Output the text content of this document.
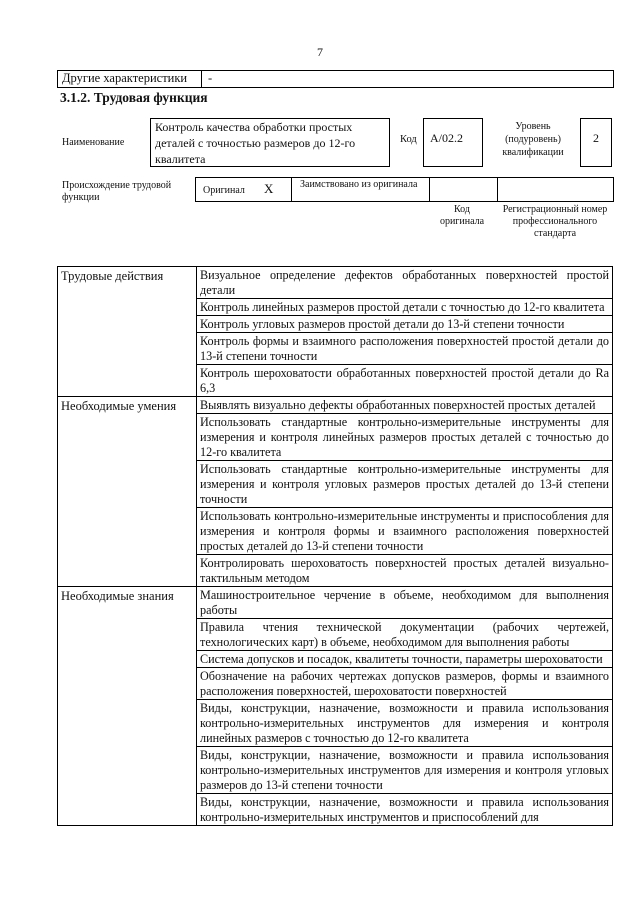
7
Другие характеристики -
3.1.2. Трудовая функция
Наименование
Контроль качества обработки простых деталей с точностью размеров до 12-го квалитета
Код	А/02.2
Уровень (подуровень) квалификации
2
Происхождение трудовой функции
Оригинал X	Заимствовано из оригинала
Код оригинала
Регистрационный номер профессионального стандарта
Трудовые действия	Визуальное определение дефектов обработанных поверхностей простой детали
	Контроль линейных размеров простой детали с точностью до 12-го квалитета
	Контроль угловых размеров простой детали до 13-й степени точности
	Контроль формы и взаимного расположения поверхностей простой детали до 13-й степени точности
	Контроль шероховатости обработанных поверхностей простой детали до Ra 6,3
Необходимые умения	Выявлять визуально дефекты обработанных поверхностей простых деталей
	Использовать стандартные контрольно-измерительные инструменты для измерения и контроля линейных размеров простых деталей с точностью до 12-го квалитета
	Использовать стандартные контрольно-измерительные инструменты для измерения и контроля угловых размеров простых деталей до 13-й степени точности
	Использовать контрольно-измерительные инструменты и приспособления для измерения и контроля формы и взаимного расположения поверхностей простых деталей до 13-й степени точности
	Контролировать шероховатость поверхностей простых деталей визуально-тактильным методом
Необходимые знания	Машиностроительное черчение в объеме, необходимом для выполнения работы
	Правила чтения технической документации (рабочих чертежей, технологических карт) в объеме, необходимом для выполнения работы
	Система допусков и посадок, квалитеты точности, параметры шероховатости
	Обозначение на рабочих чертежах допусков размеров, формы и взаимного расположения поверхностей, шероховатости поверхностей
	Виды, конструкции, назначение, возможности и правила использования контрольно-измерительных инструментов для измерения и контроля линейных размеров с точностью до 12-го квалитета
	Виды, конструкции, назначение, возможности и правила использования контрольно-измерительных инструментов для измерения и контроля угловых размеров до 13-й степени точности
	Виды, конструкции, назначение, возможности и правила использования контрольно-измерительных инструментов и приспособлений для
